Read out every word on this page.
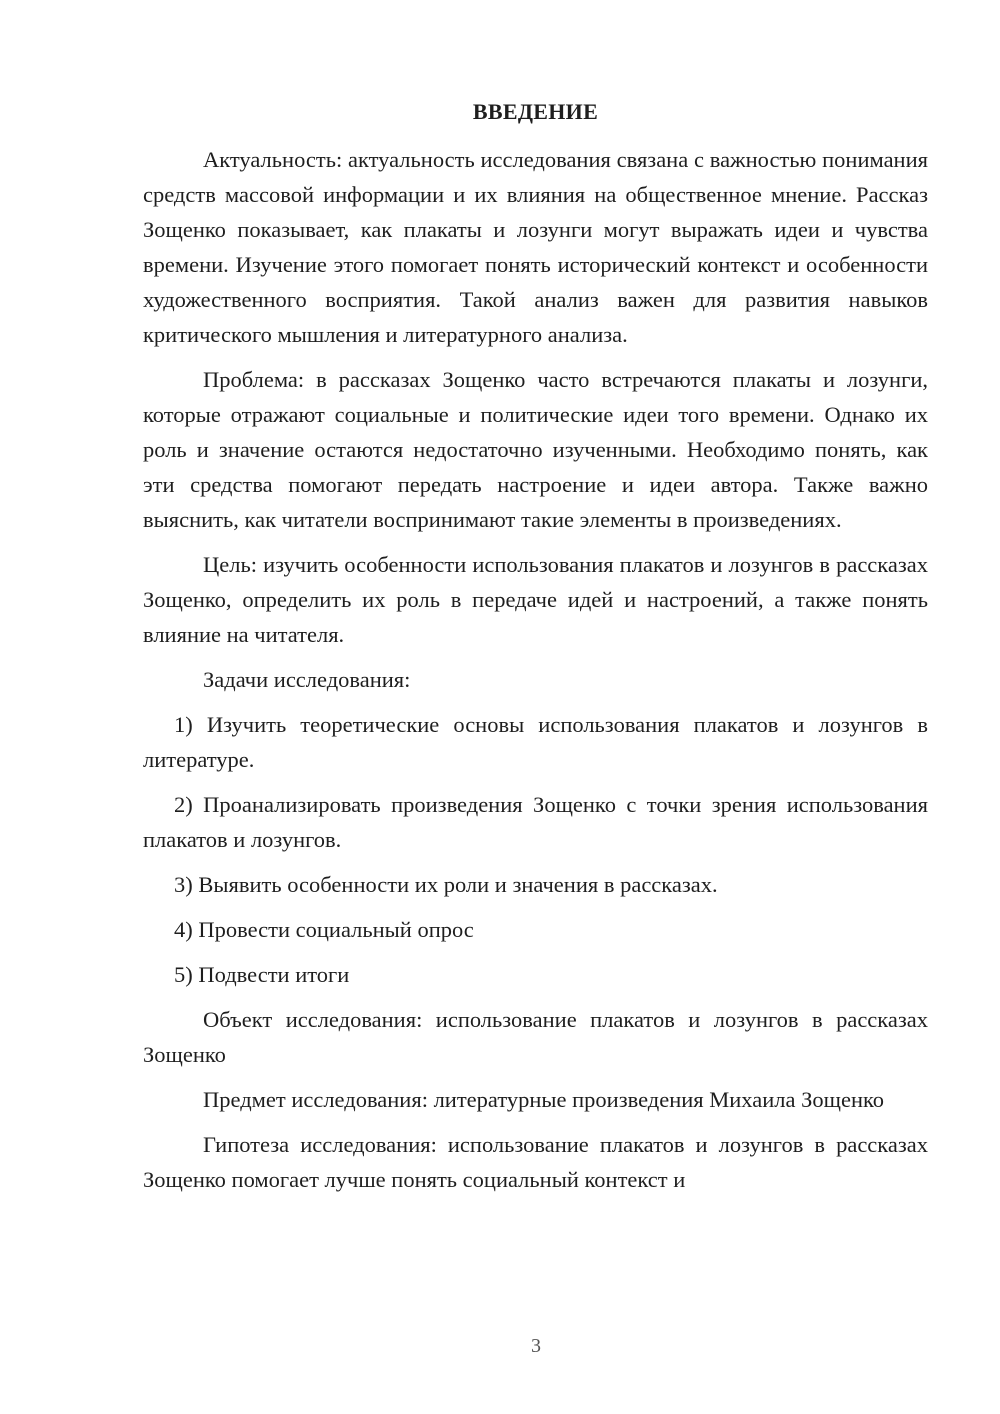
ВВЕДЕНИЕ

Актуальность: актуальность исследования связана с важностью понимания средств массовой информации и их влияния на общественное мнение. Рассказ Зощенко показывает, как плакаты и лозунги могут выражать идеи и чувства времени. Изучение этого помогает понять исторический контекст и особенности художественного восприятия. Такой анализ важен для развития навыков критического мышления и литературного анализа.

Проблема: в рассказах Зощенко часто встречаются плакаты и лозунги, которые отражают социальные и политические идеи того времени. Однако их роль и значение остаются недостаточно изученными. Необходимо понять, как эти средства помогают передать настроение и идеи автора. Также важно выяснить, как читатели воспринимают такие элементы в произведениях.

Цель: изучить особенности использования плакатов и лозунгов в рассказах Зощенко, определить их роль в передаче идей и настроений, а также понять влияние на читателя.

Задачи исследования:

1) Изучить теоретические основы использования плакатов и лозунгов в литературе.

2) Проанализировать произведения Зощенко с точки зрения использования плакатов и лозунгов.

3) Выявить особенности их роли и значения в рассказах.

4) Провести социальный опрос

5) Подвести итоги

Объект исследования: использование плакатов и лозунгов в рассказах Зощенко

Предмет исследования: литературные произведения Михаила Зощенко

Гипотеза исследования: использование плакатов и лозунгов в рассказах Зощенко помогает лучше понять социальный контекст и

3
